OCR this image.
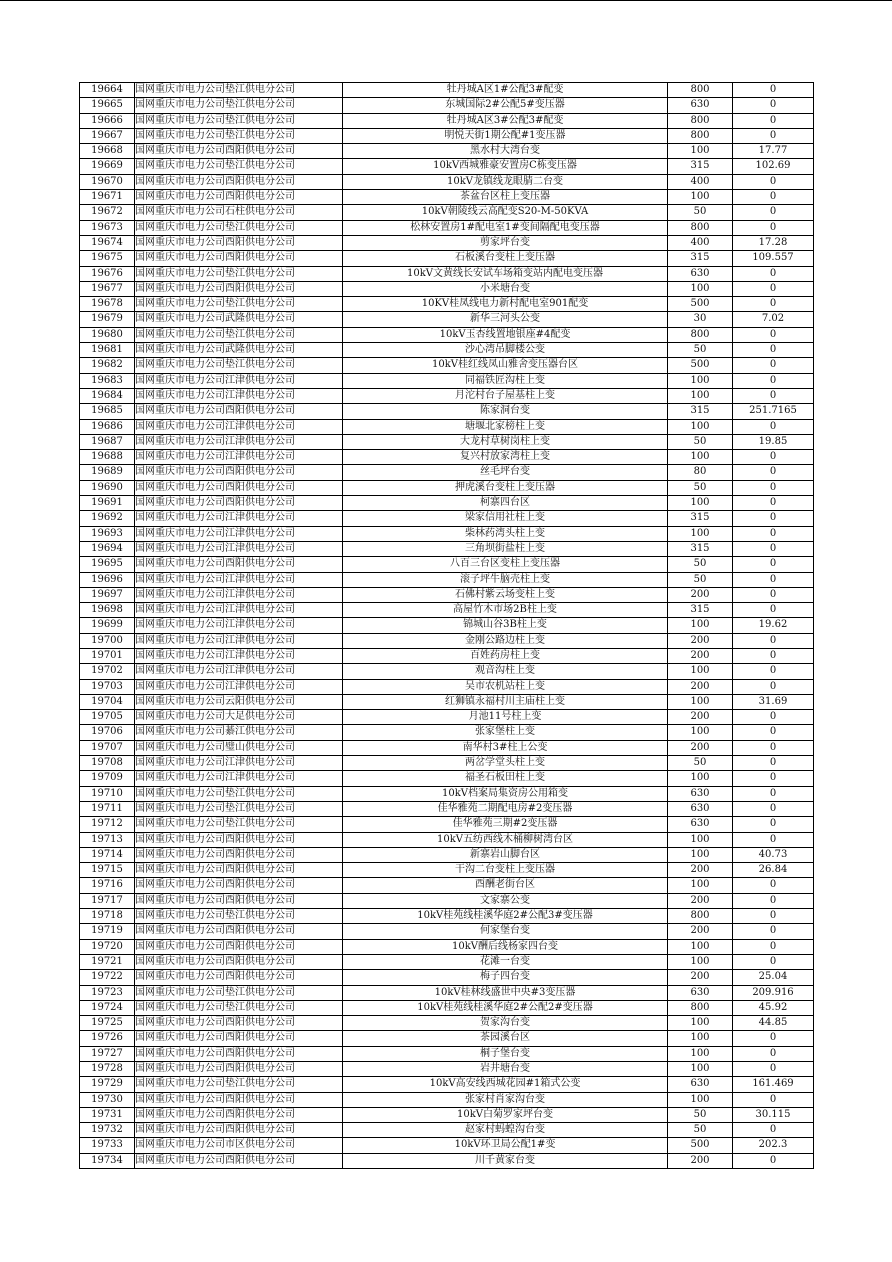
19664	国网重庆市电力公司垫江供电分公司	牡丹城A区1#公配3#配变	800	0
19665	国网重庆市电力公司垫江供电分公司	东城国际2#公配5#变压器	630	0
19666	国网重庆市电力公司垫江供电分公司	牡丹城A区3#公配3#配变	800	0
19667	国网重庆市电力公司垫江供电分公司	明悦天街1期公配#1变压器	800	0
19668	国网重庆市电力公司酉阳供电分公司	黑水村大湾台变	100	17.77
19669	国网重庆市电力公司垫江供电分公司	10kV西城雅豪安置房C栋变压器	315	102.69
19670	国网重庆市电力公司酉阳供电分公司	10kV龙镇线龙眼腈二台变	400	0
19671	国网重庆市电力公司酉阳供电分公司	茶盆台区柱上变压器	100	0
19672	国网重庆市电力公司石柱供电分公司	10kV朝陵线云高配变S20-M-50KVA	50	0
19673	国网重庆市电力公司垫江供电分公司	松林安置房1#配电室1#变间隔配电变压器	800	0
19674	国网重庆市电力公司酉阳供电分公司	剪家坪台变	400	17.28
19675	国网重庆市电力公司酉阳供电分公司	石板溪台变柱上变压器	315	109.557
19676	国网重庆市电力公司垫江供电分公司	10kV文黄线长安试车场箱变站内配电变压器	630	0
19677	国网重庆市电力公司酉阳供电分公司	小米塘台变	100	0
19678	国网重庆市电力公司垫江供电分公司	10KV桂凤线电力新村配电室901配变	500	0
19679	国网重庆市电力公司武隆供电分公司	新华三河头公变	30	7.02
19680	国网重庆市电力公司垫江供电分公司	10kV玉杏线置地银座#4配变	800	0
19681	国网重庆市电力公司武隆供电分公司	沙心湾吊脚楼公变	50	0
19682	国网重庆市电力公司垫江供电分公司	10kV桂红线凤山雅舍变压器台区	500	0
19683	国网重庆市电力公司江津供电分公司	同福铁匠沟柱上变	100	0
19684	国网重庆市电力公司江津供电分公司	月沱村台子屋基柱上变	100	0
19685	国网重庆市电力公司酉阳供电分公司	陈家洞台变	315	251.7165
19686	国网重庆市电力公司江津供电分公司	塘堰北家榜柱上变	100	0
19687	国网重庆市电力公司江津供电分公司	大龙村草树岗柱上变	50	19.85
19688	国网重庆市电力公司江津供电分公司	复兴村放家湾柱上变	100	0
19689	国网重庆市电力公司酉阳供电分公司	丝毛坪台变	80	0
19690	国网重庆市电力公司酉阳供电分公司	押虎溪台变柱上变压器	50	0
19691	国网重庆市电力公司酉阳供电分公司	柯寨四台区	100	0
19692	国网重庆市电力公司江津供电分公司	梁家信用社柱上变	315	0
19693	国网重庆市电力公司江津供电分公司	柴林药湾头柱上变	100	0
19694	国网重庆市电力公司江津供电分公司	三角坝街盐柱上变	315	0
19695	国网重庆市电力公司酉阳供电分公司	八百三台区变柱上变压器	50	0
19696	国网重庆市电力公司江津供电分公司	滚子坪牛脑壳柱上变	50	0
19697	国网重庆市电力公司江津供电分公司	石佛村紫云场变柱上变	200	0
19698	国网重庆市电力公司江津供电分公司	高屋竹木市场2B柱上变	315	0
19699	国网重庆市电力公司江津供电分公司	锦城山谷3B柱上变	100	19.62
19700	国网重庆市电力公司江津供电分公司	金刚公路边柱上变	200	0
19701	国网重庆市电力公司江津供电分公司	百姓药房柱上变	200	0
19702	国网重庆市电力公司江津供电分公司	观音沟柱上变	100	0
19703	国网重庆市电力公司江津供电分公司	吴市农机站柱上变	200	0
19704	国网重庆市电力公司云阳供电分公司	红狮镇永福村川主庙柱上变	100	31.69
19705	国网重庆市电力公司大足供电分公司	月池11号柱上变	200	0
19706	国网重庆市电力公司綦江供电分公司	张家堡柱上变	100	0
19707	国网重庆市电力公司璧山供电分公司	南华村3#柱上公变	200	0
19708	国网重庆市电力公司江津供电分公司	两岔学堂头柱上变	50	0
19709	国网重庆市电力公司江津供电分公司	福圣石板田柱上变	100	0
19710	国网重庆市电力公司垫江供电分公司	10kV档案局集资房公用箱变	630	0
19711	国网重庆市电力公司垫江供电分公司	佳华雅苑二期配电房#2变压器	630	0
19712	国网重庆市电力公司垫江供电分公司	佳华雅苑三期#2变压器	630	0
19713	国网重庆市电力公司酉阳供电分公司	10kV五纺西线木桶柳树湾台区	100	0
19714	国网重庆市电力公司酉阳供电分公司	新寨岩山脚台区	100	40.73
19715	国网重庆市电力公司酉阳供电分公司	干沟二台变柱上变压器	200	26.84
19716	国网重庆市电力公司酉阳供电分公司	酉酬老街台区	100	0
19717	国网重庆市电力公司酉阳供电分公司	文家寨公变	200	0
19718	国网重庆市电力公司垫江供电分公司	10kV桂苑线桂溪华庭2#公配3#变压器	800	0
19719	国网重庆市电力公司酉阳供电分公司	何家堡台变	200	0
19720	国网重庆市电力公司酉阳供电分公司	10kV酬后线杨家四台变	100	0
19721	国网重庆市电力公司酉阳供电分公司	花滩一台变	100	0
19722	国网重庆市电力公司酉阳供电分公司	梅子四台变	200	25.04
19723	国网重庆市电力公司垫江供电分公司	10kV桂林线盛世中央#3变压器	630	209.916
19724	国网重庆市电力公司垫江供电分公司	10kV桂苑线桂溪华庭2#公配2#变压器	800	45.92
19725	国网重庆市电力公司酉阳供电分公司	贺家沟台变	100	44.85
19726	国网重庆市电力公司酉阳供电分公司	茶园溪台区	100	0
19727	国网重庆市电力公司酉阳供电分公司	桐子堡台变	100	0
19728	国网重庆市电力公司酉阳供电分公司	岩井塘台变	100	0
19729	国网重庆市电力公司垫江供电分公司	10kV高安线西城花园#1箱式公变	630	161.469
19730	国网重庆市电力公司酉阳供电分公司	张家村肖家沟台变	100	0
19731	国网重庆市电力公司酉阳供电分公司	10kV白菊罗家坪台变	50	30.115
19732	国网重庆市电力公司酉阳供电分公司	赵家村蚂蝗沟台变	50	0
19733	国网重庆市电力公司市区供电分公司	10kV环卫局公配1#变	500	202.3
19734	国网重庆市电力公司酉阳供电分公司	川千黄家台变	200	0
